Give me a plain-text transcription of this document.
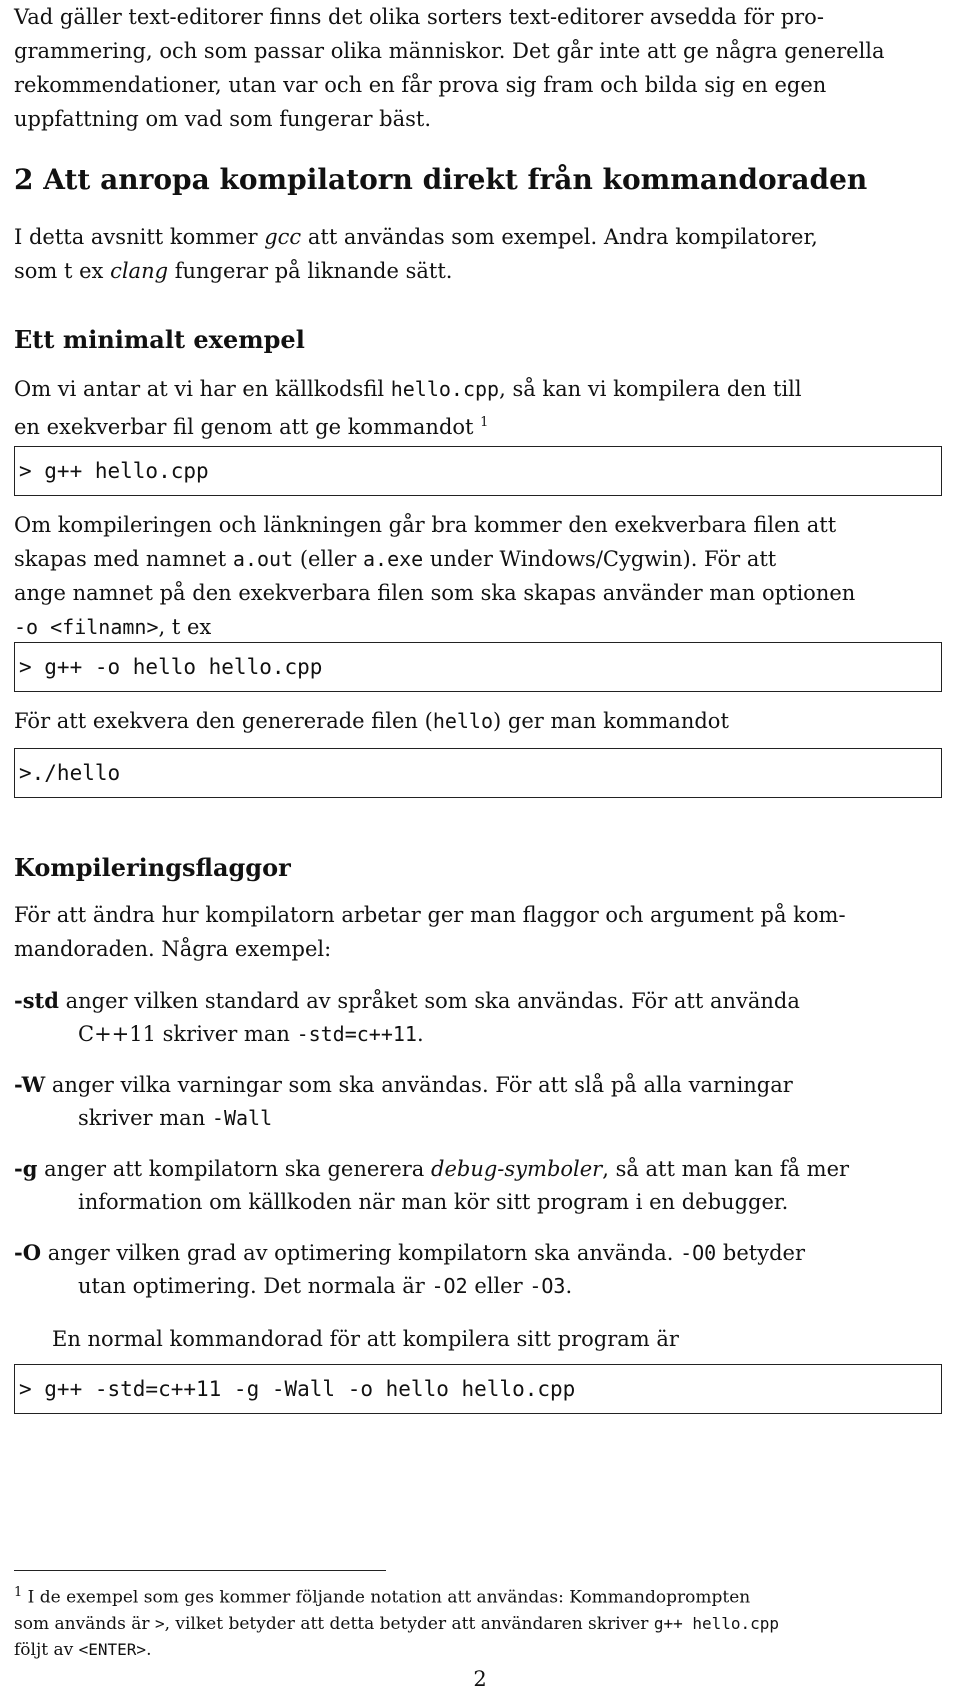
Vad gäller text-editorer finns det olika sorters text-editorer avsedda för pro-

grammering, och som passar olika människor. Det går inte att ge några generella

rekommendationer, utan var och en får prova sig fram och bilda sig en egen

uppfattning om vad som fungerar bäst.

2 Att anropa kompilatorn direkt från kommandoraden

I detta avsnitt kommer gcc att användas som exempel. Andra kompilatorer,

som t ex clang fungerar på liknande sätt.

Ett minimalt exempel

Om vi antar at vi har en källkodsfil hello.cpp, så kan vi kompilera den till

en exekverbar fil genom att ge kommandot $^1$

> g++ hello.cpp

Om kompileringen och länkningen går bra kommer den exekverbara filen att

skapas med namnet a.out (eller a.exe under Windows/Cygwin). För att

ange namnet på den exekverbara filen som ska skapas använder man optionen

-o <filnamn>, t ex

> g++ -o hello hello.cpp

För att exekvera den genererade filen (hello) ger man kommandot

>./hello
Kompileringsflaggor

För att ändra hur kompilatorn arbetar ger man flaggor och argument på kom-

mandoraden. Några exempel:

-std anger vilken standard av språket som ska användas. För att använda
C++11 skriver man -std=c++11.
-W anger vilka varningar som ska användas. För att slå på alla varningar
skriver man -Wall
-g anger att kompilatorn ska generera debug-symboler, så att man kan få mer
information om källkoden när man kör sitt program i en debugger.
-O anger vilken grad av optimering kompilatorn ska använda. -O0 betyder
utan optimering. Det normala är -O2 eller -O3.

En normal kommandorad för att kompilera sitt program är

> g++ -std=c++11 -g -Wall -o hello hello.cpp
$^1$ I de exempel som ges kommer följande notation att användas: Kommandoprompten
som används är >, vilket betyder att detta betyder att användaren skriver g++ hello.cpp
följt av <ENTER>.
2
